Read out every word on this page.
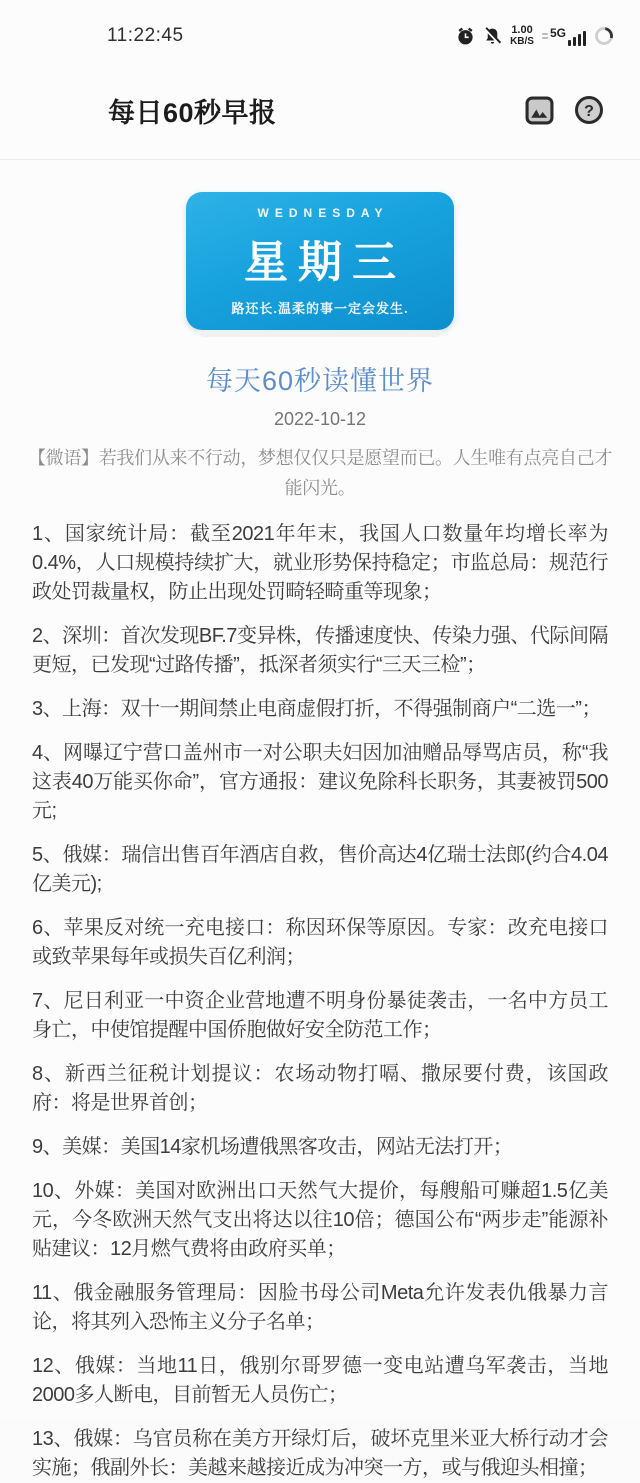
11:22:45	1.00
KB/S
5G
每日60秒早报	?
WEDNESDAY
星期三
路还长.温柔的事一定会发生.
每天60秒读懂世界
2022-10-12
【微语】若我们从来不行动，梦想仅仅只是愿望而已。人生唯有点亮自己才能闪光。

1、国家统计局：截至2021年年末，我国人口数量年均增长率为0.4%，人口规模持续扩大，就业形势保持稳定；市监总局：规范行政处罚裁量权，防止出现处罚畸轻畸重等现象；

2、深圳：首次发现BF.7变异株，传播速度快、传染力强、代际间隔更短，已发现“过路传播”，抵深者须实行“三天三检”；

3、上海：双十一期间禁止电商虚假打折，不得强制商户“二选一”；

4、网曝辽宁营口盖州市一对公职夫妇因加油赠品辱骂店员，称“我这表40万能买你命”，官方通报：建议免除科长职务，其妻被罚500元;

5、俄媒：瑞信出售百年酒店自救，售价高达4亿瑞士法郎(约合4.04亿美元);

6、苹果反对统一充电接口：称因环保等原因。专家：改充电接口或致苹果每年或损失百亿利润；

7、尼日利亚一中资企业营地遭不明身份暴徒袭击，一名中方员工身亡，中使馆提醒中国侨胞做好安全防范工作；

8、新西兰征税计划提议：农场动物打嗝、撒尿要付费，该国政府：将是世界首创；

9、美媒：美国14家机场遭俄黑客攻击，网站无法打开；

10、外媒：美国对欧洲出口天然气大提价，每艘船可赚超1.5亿美元，今冬欧洲天然气支出将达以往10倍；德国公布“两步走”能源补贴建议：12月燃气费将由政府买单；

11、俄金融服务管理局：因脸书母公司Meta允许发表仇俄暴力言论，将其列入恐怖主义分子名单；

12、俄媒：当地11日，俄别尔哥罗德一变电站遭乌军袭击，当地2000多人断电，目前暂无人员伤亡；

13、俄媒：乌官员称在美方开绿灯后，破坏克里米亚大桥行动才会实施；俄副外长：美越来越接近成为冲突一方，或与俄迎头相撞；
